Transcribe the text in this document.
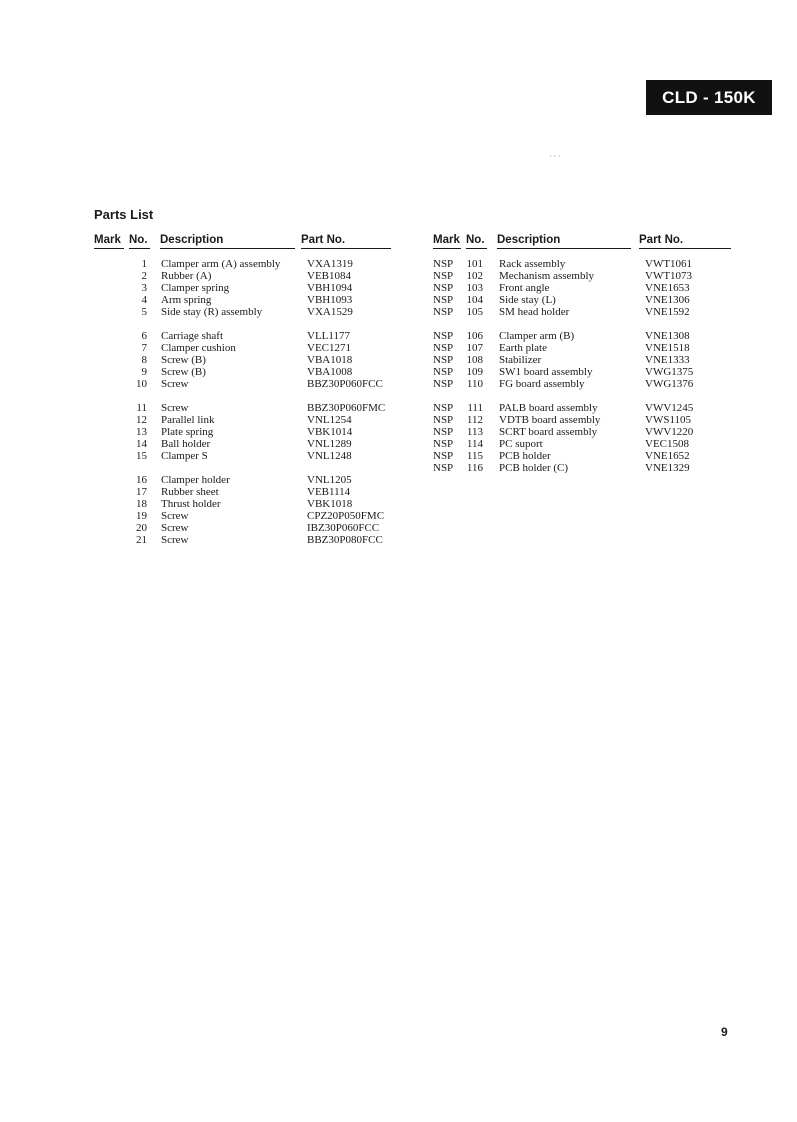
CLD - 150K
Parts List
Mark No. Description	Part No.	Mark No. Description	Part No.
1 Clamper arm (A) assembly VXA1319
2 Rubber (A)	VEB1084
3 Clamper spring	VBH1094
4 Arm spring	VBH1093
5 Side stay (R) assembly	VXA1529
6 Carriage shaft	VLL1177
7 Clamper cushion	VEC1271
8 Screw (B)	VBA1018
9 Screw (B)	VBA1008
10 Screw	BBZ30P060FCC
11 Screw	BBZ30P060FMC
12 Parallel link	VNL1254
13 Plate spring	VBK1014
14 Ball holder	VNL1289
15 Clamper S	VNL1248
16 Clamper holder	VNL1205
17 Rubber sheet	VEB1114
18 Thrust holder	VBK1018
19 Screw	CPZ20P050FMC
20 Screw	IBZ30P060FCC
21 Screw	BBZ30P080FCC
NSP	101 Rack assembly	VWT1061
NSP	102 Mechanism assembly	VWT1073
NSP	103 Front angle	VNE1653
NSP	104 Side stay (L)	VNE1306
NSP	105 SM head holder	VNE1592
NSP	106 Clamper arm (B)	VNE1308
NSP	107 Earth plate	VNE1518
NSP	108 Stabilizer	VNE1333
NSP	109 SW1 board assembly	VWG1375
NSP	110 FG board assembly	VWG1376
NSP	111 PALB board assembly	VWV1245
NSP	112 VDTB board assembly	VWS1105
NSP	113 SCRT board assembly	VWV1220
NSP	114 PC suport	VEC1508
NSP	115 PCB holder	VNE1652
NSP	116 PCB holder (C)	VNE1329
9
· · ·
